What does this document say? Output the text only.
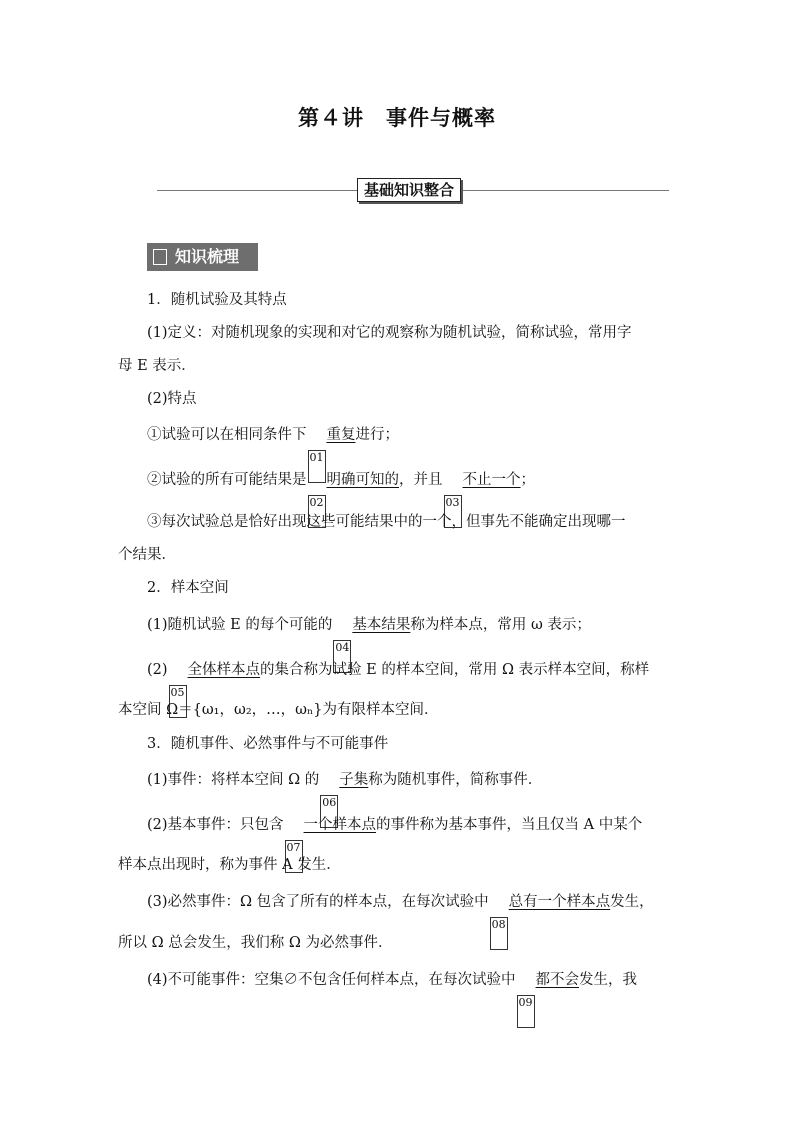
第４讲　事件与概率
基础知识整合
知识梳理
1．随机试验及其特点
(1)定义：对随机现象的实现和对它的观察称为随机试验，简称试验，常用字
母 E 表示．
(2)特点
①试验可以在相同条件下01重复进行；
②试验的所有可能结果是02明确可知的，并且03不止一个；
③每次试验总是恰好出现这些可能结果中的一个，但事先不能确定出现哪一
个结果．
2．样本空间
(1)随机试验 E 的每个可能的04基本结果称为样本点，常用 ω 表示；
(2)05全体样本点的集合称为试验 E 的样本空间，常用 Ω 表示样本空间，称样
本空间 Ω＝{ω₁，ω₂，…，ωₙ}为有限样本空间．
3．随机事件、必然事件与不可能事件
(1)事件：将样本空间 Ω 的06子集称为随机事件，简称事件．
(2)基本事件：只包含07一个样本点的事件称为基本事件，当且仅当 A 中某个
样本点出现时，称为事件 A 发生．
(3)必然事件：Ω 包含了所有的样本点，在每次试验中08总有一个样本点发生，
所以 Ω 总会发生，我们称 Ω 为必然事件．
(4)不可能事件：空集∅不包含任何样本点，在每次试验中09都不会发生，我
